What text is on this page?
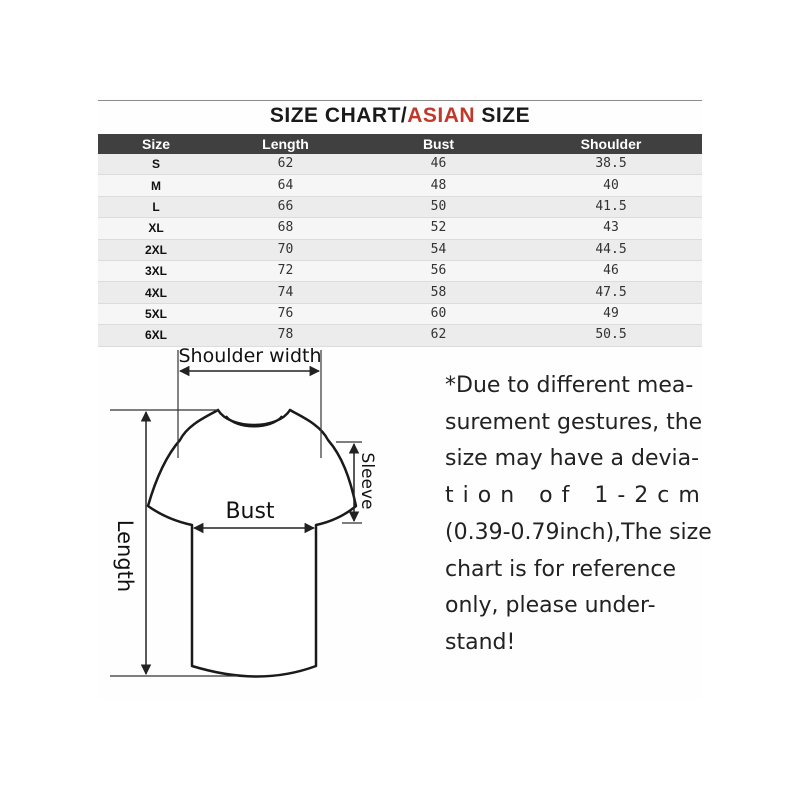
SIZE CHART/ASIAN SIZE
Size	Length	Bust	Shoulder
S	62	46	38.5
M	64	48	40
L	66	50	41.5
XL	68	52	43
2XL	70	54	44.5
3XL	72	56	46
4XL	74	58	47.5
5XL	76	60	49
6XL	78	62	50.5
Shoulder width
Length
Bust
Sleeve
*Due to different mea-
surement gestures, the
size may have a devia-
tion of 1-2cm
(0.39-0.79inch),The size
chart is for reference
only, please under-
stand!
